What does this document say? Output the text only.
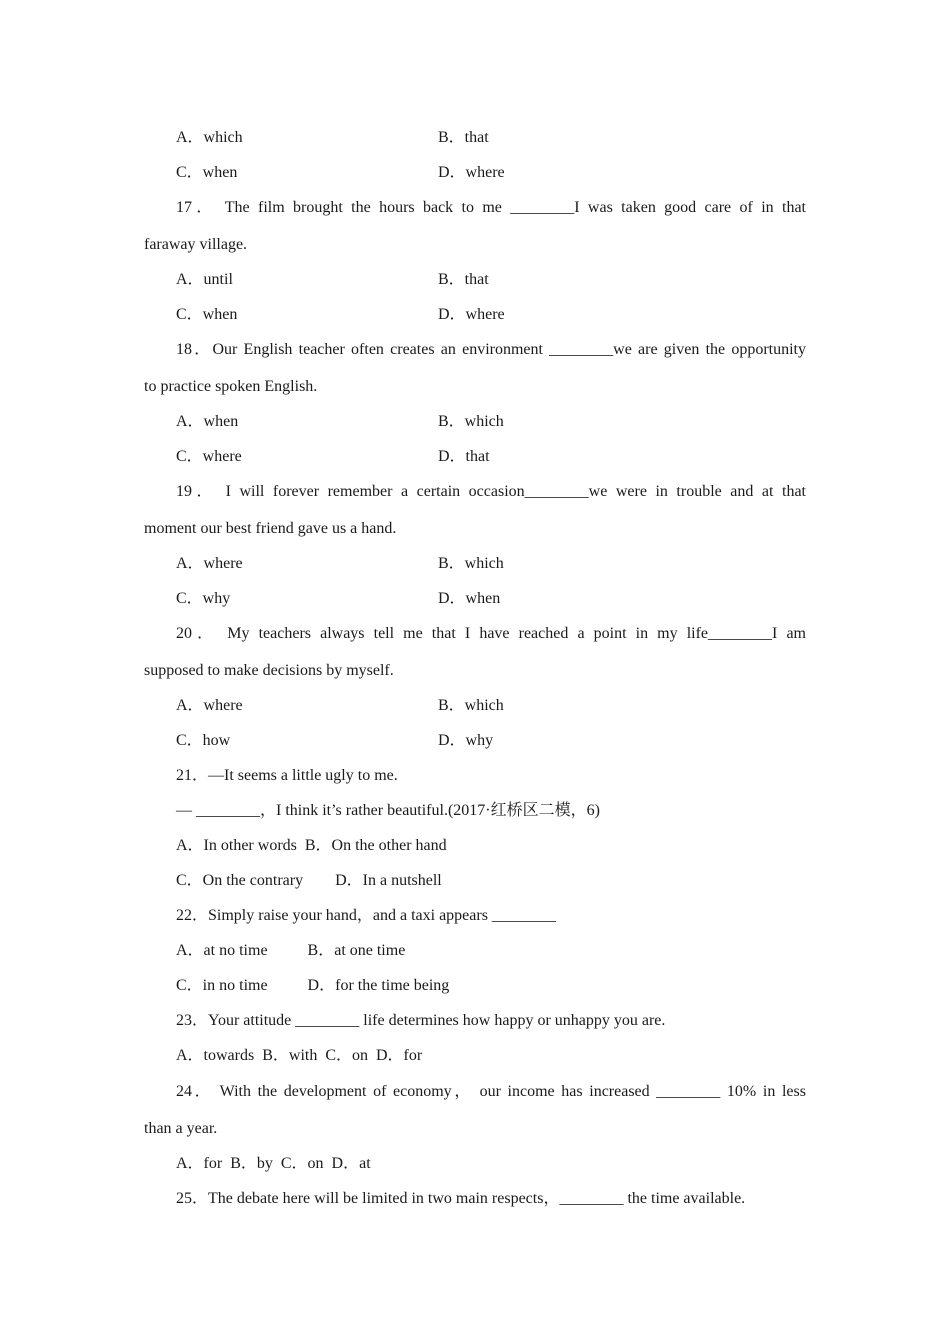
A．which	B．that
C．when	D．where
17． The film brought the hours back to me ________I was taken good care of in that
faraway village.
A．until	B．that
C．when	D．where
18．Our English teacher often creates an environment ________we are given the opportunity
to practice spoken English.
A．when	B．which
C．where	D．that
19． I will forever remember a certain occasion________we were in trouble and at that
moment our best friend gave us a hand.
A．where	B．which
C．why	D．when
20． My teachers always tell me that I have reached a point in my life________I am
supposed to make decisions by myself.
A．where	B．which
C．how	D．why
21．—It seems a little ugly to me.
— ________，I think it’s rather beautiful.(2017·红桥区二模，6)
A．In other words  B．On the other hand
C．On the contrary        D．In a nutshell
22．Simply raise your hand，and a taxi appears ________
A．at no time          B．at one time
C．in no time          D．for the time being
23．Your attitude ________ life determines how happy or unhappy you are.
A．towards  B．with  C．on  D．for
24． With the development of economy， our income has increased ________ 10% in less
than a year.
A．for  B．by  C．on  D．at
25．The debate here will be limited in two main respects，________ the time available.
